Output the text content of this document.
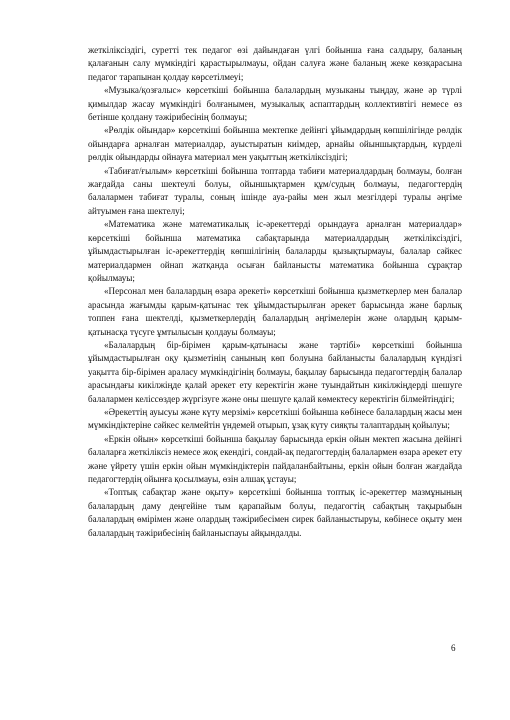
жеткіліксіздігі, суретті тек педагог өзі дайындаған үлгі бойынша ғана салдыру, баланың қалағанын салу мүмкіндігі қарастырылмауы, ойдан салуға және баланың жеке көзқарасына педагог тарапынан қолдау көрсетілмеуі;

«Музыка/қозғалыс» көрсеткіші бойынша балалардың музыканы тыңдау, және әр түрлі қимылдар жасау мүмкіндігі болғанымен, музыкалық аспаптардың коллективтігі немесе өз бетінше қолдану тәжірибесінің болмауы;

«Рөлдік ойындар» көрсеткіші бойынша мектепке дейінгі ұйымдардың көпшілігінде рөлдік ойындарға арналған материалдар, ауыстыратын киімдер, арнайы ойыншықтардың, күрделі рөлдік ойындарды ойнауға материал мен уақыттың жеткіліксіздігі;

«Табиғат/ғылым» көрсеткіші бойынша топтарда табиғи материалдардың болмауы, болған жағдайда саны шектеулі болуы, ойыншықтармен құм/судың болмауы, педагогтердің балалармен табиғат туралы, соның ішінде ауа-райы мен жыл мезгілдері туралы әңгіме айтуымен ғана шектелуі;

«Математика және математикалық іс-әрекеттерді орындауға арналған материалдар» көрсеткіші бойынша математика сабақтарында материалдардың жеткіліксіздігі, ұйымдастырылған іс-әрекеттердің көпшілігінің балаларды қызықтырмауы, балалар сәйкес материалдармен ойнап жатқанда осыған байланысты математика бойынша сұрақтар қойылмауы;

«Персонал мен балалардың өзара әрекеті» көрсеткіші бойынша қызметкерлер мен балалар арасында жағымды қарым-қатынас тек ұйымдастырылған әрекет барысында және барлық топпен ғана шектелді, қызметкерлердің балалардың әңгімелерін және олардың қарым-қатынасқа түсуге ұмтылысын қолдауы болмауы;

«Балалардың бір-бірімен қарым-қатынасы және тәртібі» көрсеткіші бойынша ұйымдастырылған оқу қызметінің санының көп болуына байланысты балалардың күндізгі уақытта бір-бірімен араласу мүмкіндігінің болмауы, бақылау барысында педагогтердің балалар арасындағы кикілжіңде қалай әрекет ету керектігін және туындайтын кикілжіңдерді шешуге балалармен келіссөздер жүргізуге және оны шешуге қалай көмектесу керектігін білмейтіндігі;

«Әрекеттің ауысуы және күту мерзімі» көрсеткіші бойынша көбінесе балалардың жасы мен мүмкіндіктеріне сәйкес келмейтін үндемей отырып, ұзақ күту сияқты талаптардың қойылуы;

«Еркін ойын» көрсеткіші бойынша бақылау барысында еркін ойын мектеп жасына дейінгі балаларға жеткіліксіз немесе жоқ екендігі, сондай-ақ педагогтердің балалармен өзара әрекет ету және үйрету үшін еркін ойын мүмкіндіктерін пайдаланбайтыны, еркін ойын болған жағдайда педагогтердің ойынға қосылмауы, өзін алшақ ұстауы;

«Топтық сабақтар және оқыту» көрсеткіші бойынша топтық іс-әрекеттер мазмұнының балалардың даму деңгейіне тым қарапайым болуы, педагогтің сабақтың тақырыбын балалардың өмірімен және олардың тәжірибесімен сирек байланыстыруы, көбінесе оқыту мен балалардың тәжірибесінің байланыспауы айқындалды.

6
